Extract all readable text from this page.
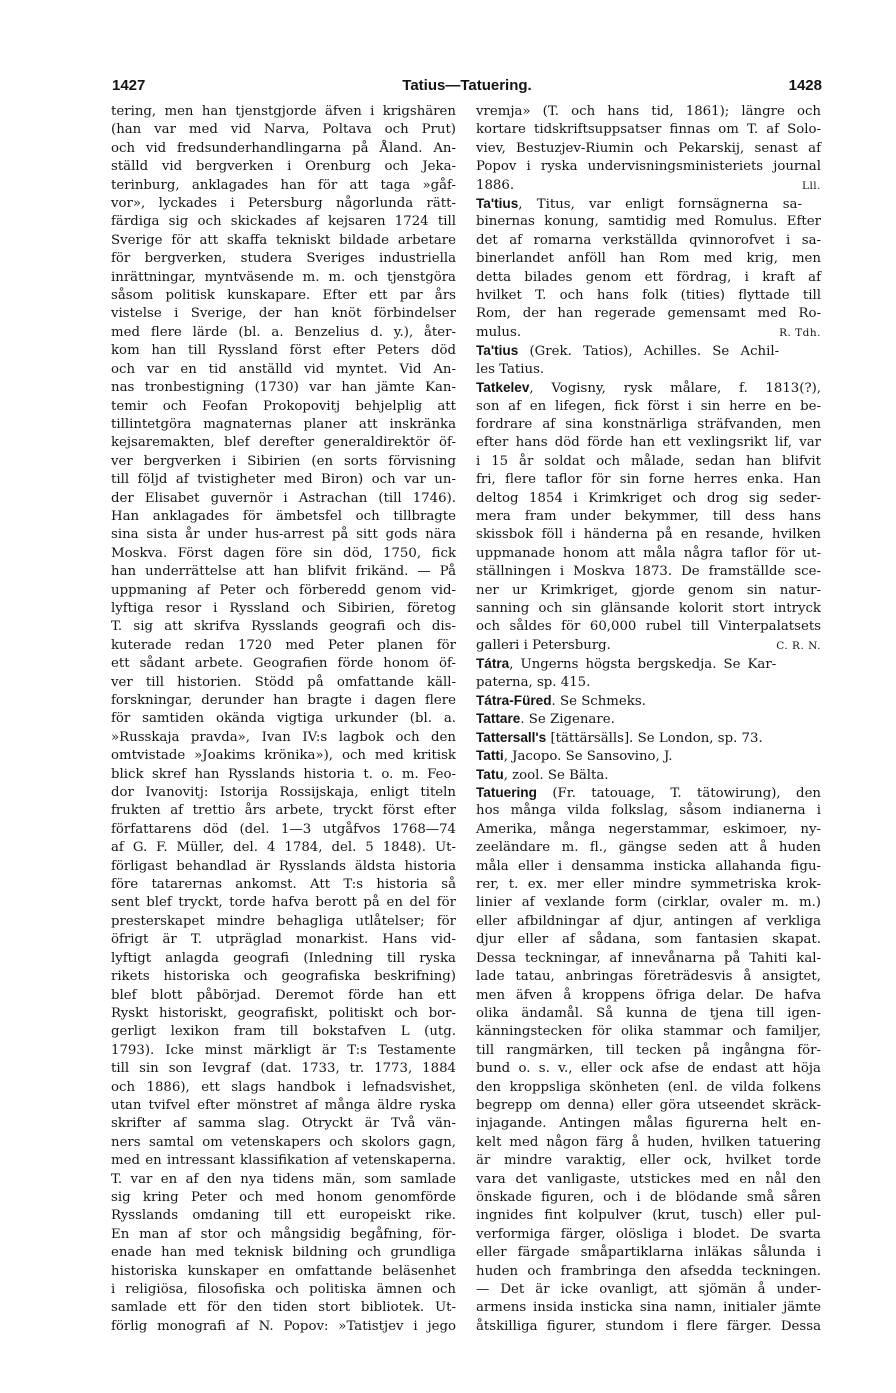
1427	Tatius—Tatuering.	1428
tering, men han tjenstgjorde äfven i krigshären
(han var med vid Narva, Poltava och Prut)
och vid fredsunderhandlingarna på Åland. An-
ställd vid bergverken i Orenburg och Jeka-
terinburg, anklagades han för att taga »gåf-
vor», lyckades i Petersburg någorlunda rätt-
färdiga sig och skickades af kejsaren 1724 till
Sverige för att skaffa tekniskt bildade arbetare
för bergverken, studera Sveriges industriella
inrättningar, myntväsende m. m. och tjenstgöra
såsom politisk kunskapare. Efter ett par års
vistelse i Sverige, der han knöt förbindelser
med flere lärde (bl. a. Benzelius d. y.), åter-
kom han till Ryssland först efter Peters död
och var en tid anställd vid myntet. Vid An-
nas tronbestigning (1730) var han jämte Kan-
temir och Feofan Prokopovitj behjelplig att
tillintetgöra magnaternas planer att inskränka
kejsaremakten, blef derefter generaldirektör öf-
ver bergverken i Sibirien (en sorts förvisning
till följd af tvistigheter med Biron) och var un-
der Elisabet guvernör i Astrachan (till 1746).
Han anklagades för ämbetsfel och tillbragte
sina sista år under hus-arrest på sitt gods nära
Moskva. Först dagen före sin död, 1750, fick
han underrättelse att han blifvit frikänd. — På
uppmaning af Peter och förberedd genom vid-
lyftiga resor i Ryssland och Sibirien, företog
T. sig att skrifva Rysslands geografi och dis-
kuterade redan 1720 med Peter planen för
ett sådant arbete. Geografien förde honom öf-
ver till historien. Stödd på omfattande käll-
forskningar, derunder han bragte i dagen flere
för samtiden okända vigtiga urkunder (bl. a.
»Russkaja pravda», Ivan IV:s lagbok och den
omtvistade »Joakims krönika»), och med kritisk
blick skref han Rysslands historia t. o. m. Feo-
dor Ivanovitj: Istorija Rossijskaja, enligt titeln
frukten af trettio års arbete, tryckt först efter
författarens död (del. 1—3 utgåfvos 1768—74
af G. F. Müller, del. 4 1784, del. 5 1848). Ut-
förligast behandlad är Rysslands äldsta historia
före tatarernas ankomst. Att T:s historia så
sent blef tryckt, torde hafva berott på en del för
presterskapet mindre behagliga utlåtelser; för
öfrigt är T. utpräglad monarkist. Hans vid-
lyftigt anlagda geografi (Inledning till ryska
rikets historiska och geografiska beskrifning)
blef blott påbörjad. Deremot förde han ett
Ryskt historiskt, geografiskt, politiskt och bor-
gerligt lexikon fram till bokstafven L (utg.
1793). Icke minst märkligt är T:s Testamente
till sin son Ievgraf (dat. 1733, tr. 1773, 1884
och 1886), ett slags handbok i lefnadsvishet,
utan tvifvel efter mönstret af många äldre ryska
skrifter af samma slag. Otryckt är Två vän-
ners samtal om vetenskapers och skolors gagn,
med en intressant klassifikation af vetenskaperna.
T. var en af den nya tidens män, som samlade
sig kring Peter och med honom genomförde
Rysslands omdaning till ett europeiskt rike.
En man af stor och mångsidig begåfning, för-
enade han med teknisk bildning och grundliga
historiska kunskaper en omfattande beläsenhet
i religiösa, filosofiska och politiska ämnen och
samlade ett för den tiden stort bibliotek. Ut-
förlig monografi af N. Popov: »Tatistjev i jego
vremja» (T. och hans tid, 1861); längre och
kortare tidskriftsuppsatser finnas om T. af Solo-
viev, Bestuzjev-Riumin och Pekarskij, senast af
Popov i ryska undervisningsministeriets journal
1886.	Lll.
Ta'tius, Titus, var enligt fornsägnerna sa-
binernas konung, samtidig med Romulus. Efter
det af romarna verkställda qvinnorofvet i sa-
binerlandet anföll han Rom med krig, men
detta bilades genom ett fördrag, i kraft af
hvilket T. och hans folk (tities) flyttade till
Rom, der han regerade gemensamt med Ro-
mulus.	R. Tdh.
Ta'tius (Grek. Tatios), Achilles. Se Achil-
les Tatius.
Tatkelev, Vogisny, rysk målare, f. 1813(?),
son af en lifegen, fick först i sin herre en be-
fordrare af sina konstnärliga sträfvanden, men
efter hans död förde han ett vexlingsrikt lif, var
i 15 år soldat och målade, sedan han blifvit
fri, flere taflor för sin forne herres enka. Han
deltog 1854 i Krimkriget och drog sig seder-
mera fram under bekymmer, till dess hans
skissbok föll i händerna på en resande, hvilken
uppmanade honom att måla några taflor för ut-
ställningen i Moskva 1873. De framställde sce-
ner ur Krimkriget, gjorde genom sin natur-
sanning och sin glänsande kolorit stort intryck
och såldes för 60,000 rubel till Vinterpalatsets
galleri i Petersburg.	C. R. N.
Tátra, Ungerns högsta bergskedja. Se Kar-
paterna, sp. 415.
Tátra-Füred. Se Schmeks.
Tattare. Se Zigenare.
Tattersall's [tättärsälls]. Se London, sp. 73.
Tatti, Jacopo. Se Sansovino, J.
Tatu, zool. Se Bälta.
Tatuering (Fr. tatouage, T. tätowirung), den
hos många vilda folkslag, såsom indianerna i
Amerika, många negerstammar, eskimoer, ny-
zeeländare m. fl., gängse seden att å huden
måla eller i densamma insticka allahanda figu-
rer, t. ex. mer eller mindre symmetriska krok-
linier af vexlande form (cirklar, ovaler m. m.)
eller afbildningar af djur, antingen af verkliga
djur eller af sådana, som fantasien skapat.
Dessa teckningar, af innevånarna på Tahiti kal-
lade tatau, anbringas företrädesvis å ansigtet,
men äfven å kroppens öfriga delar. De hafva
olika ändamål. Så kunna de tjena till igen-
känningstecken för olika stammar och familjer,
till rangmärken, till tecken på ingångna för-
bund o. s. v., eller ock afse de endast att höja
den kroppsliga skönheten (enl. de vilda folkens
begrepp om denna) eller göra utseendet skräck-
injagande. Antingen målas figurerna helt en-
kelt med någon färg å huden, hvilken tatuering
är mindre varaktig, eller ock, hvilket torde
vara det vanligaste, utstickes med en nål den
önskade figuren, och i de blödande små såren
ingnides fint kolpulver (krut, tusch) eller pul-
verformiga färger, olösliga i blodet. De svarta
eller färgade småpartiklarna inläkas sålunda i
huden och frambringa den afsedda teckningen.
— Det är icke ovanligt, att sjömän å under-
armens insida insticka sina namn, initialer jämte
åtskilliga figurer, stundom i flere färger. Dessa
